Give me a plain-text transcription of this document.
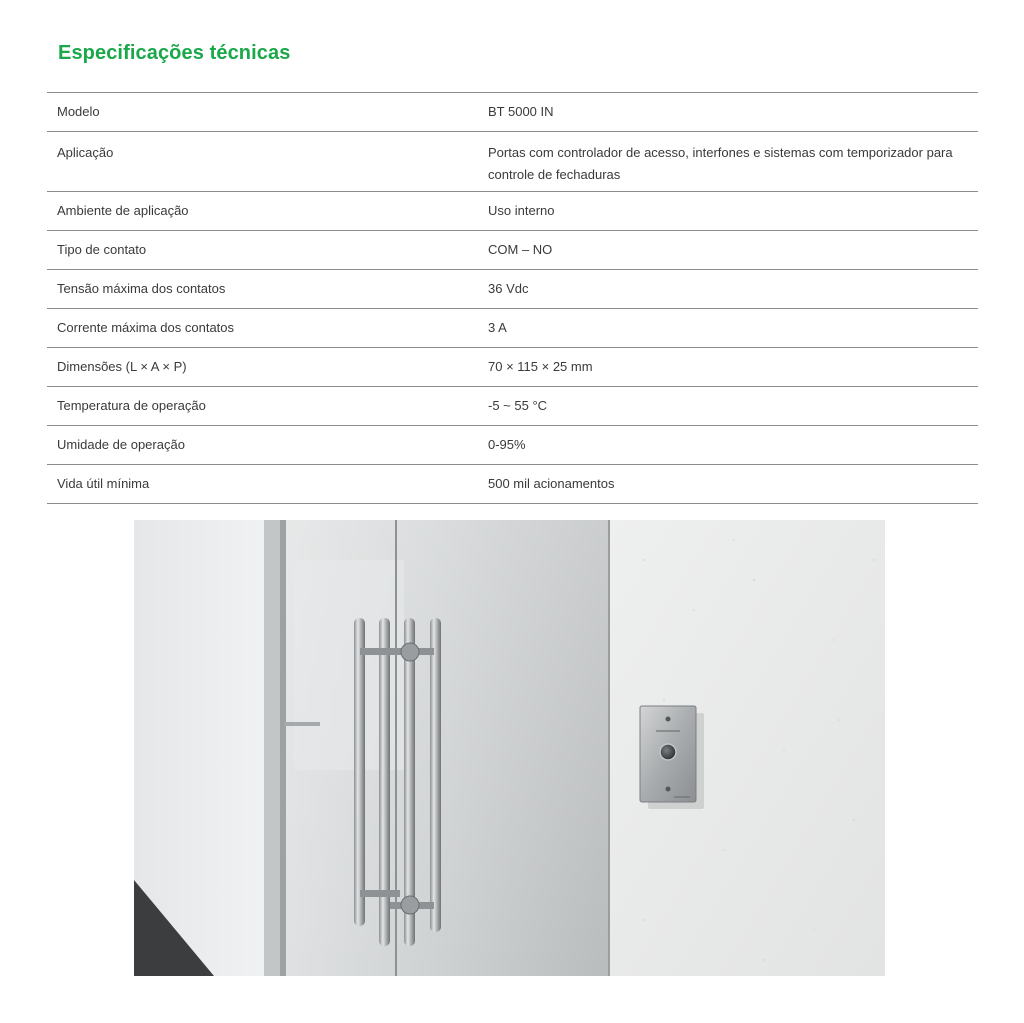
Especificações técnicas
Modelo	BT 5000 IN
Aplicação	Portas com controlador de acesso, interfones e sistemas com temporizador para controle de fechaduras
Ambiente de aplicação	Uso interno
Tipo de contato	COM – NO
Tensão máxima dos contatos	36 Vdc
Corrente máxima dos contatos	3 A
Dimensões (L × A × P)	70 × 115 × 25 mm
Temperatura de operação	-5 ~ 55 °C
Umidade de operação	0-95%
Vida útil mínima	500 mil acionamentos
